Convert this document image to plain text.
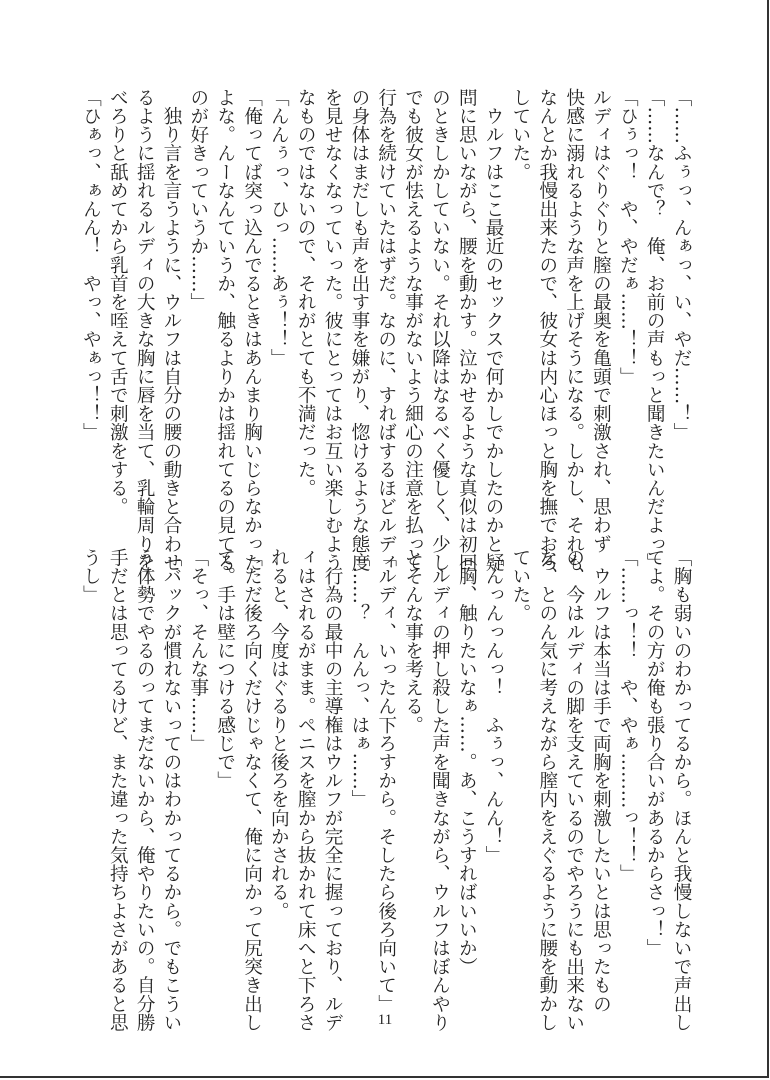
「……ふぅっ、んぁっ、い、やだ……！」
「……なんで？　俺、お前の声もっと聞きたいんだよっ」
「ひぅっ！　や、やだぁ……！！」
ルディはぐりぐりと膣の最奥を亀頭で刺激され、思わず
快感に溺れるような声を上げそうになる。しかし、それも
なんとか我慢出来たので、彼女は内心ほっと胸を撫でおろ
していた。
　ウルフはここ最近のセックスで何かしでかしたのかと疑
問に思いながら、腰を動かす。泣かせるような真似は初回
のときしかしていない。それ以降はなるべく優しく、少し
でも彼女が怯えるような事がないよう細心の注意を払って
行為を続けていたはずだ。なのに、すればするほどルディ
の身体はまだしも声を出す事を嫌がり、惚けるような態度
を見せなくなっていった。彼にとってはお互い楽しむよう
なものではないので、それがとても不満だった。
「んんぅっ、ひっ……あぅ！！」
「俺ってば突っ込んでるときはあんまり胸いじらなかった
よな。んーなんていうか、触るよりかは揺れてるの見てる
のが好きっていうか……」
　独り言を言うように、ウルフは自分の腰の動きと合わせ
るように揺れるルディの大きな胸に唇を当て、乳輪周りを
べろりと舐めてから乳首を咥えて舌で刺激をする。
「ひぁっ、ぁんん！　やっ、やぁっ！！」
「胸も弱いのわかってるから。ほんと我慢しないで声出し
てよ。その方が俺も張り合いがあるからさっ！」
「……っ！！　や、やぁ………っ！！」
　ウルフは本当は手で両胸を刺激したいとは思ったもの
の、今はルディの脚を支えているのでやろうにも出来ない
な、とのん気に考えながら膣内をえぐるように腰を動かし
ていた。
「んっんっんっ！　ふぅっ、んん！」
（胸、触りたいなぁ……。あ、こうすればいいか）
　ルディの押し殺した声を聞きながら、ウルフはぼんやり
とそんな事を考える。
「ルディ、いったん下ろすから。そしたら後ろ向いて」
「……？　んんっ、はぁ……」
　行為の最中の主導権はウルフが完全に握っており、ルデ
ィはされるがまま。ペニスを膣から抜かれて床へと下ろさ
れると、今度はぐるりと後ろを向かされる。
「ただ後ろ向くだけじゃなくて、俺に向かって尻突き出し
て。手は壁につける感じで」
「そっ、そんな事……」
「バックが慣れないってのはわかってるから。でもこうい
う体勢でやるのってまだないから、俺やりたいの。自分勝
手だとは思ってるけど、また違った気持ちよさがあると思
うし」
11
